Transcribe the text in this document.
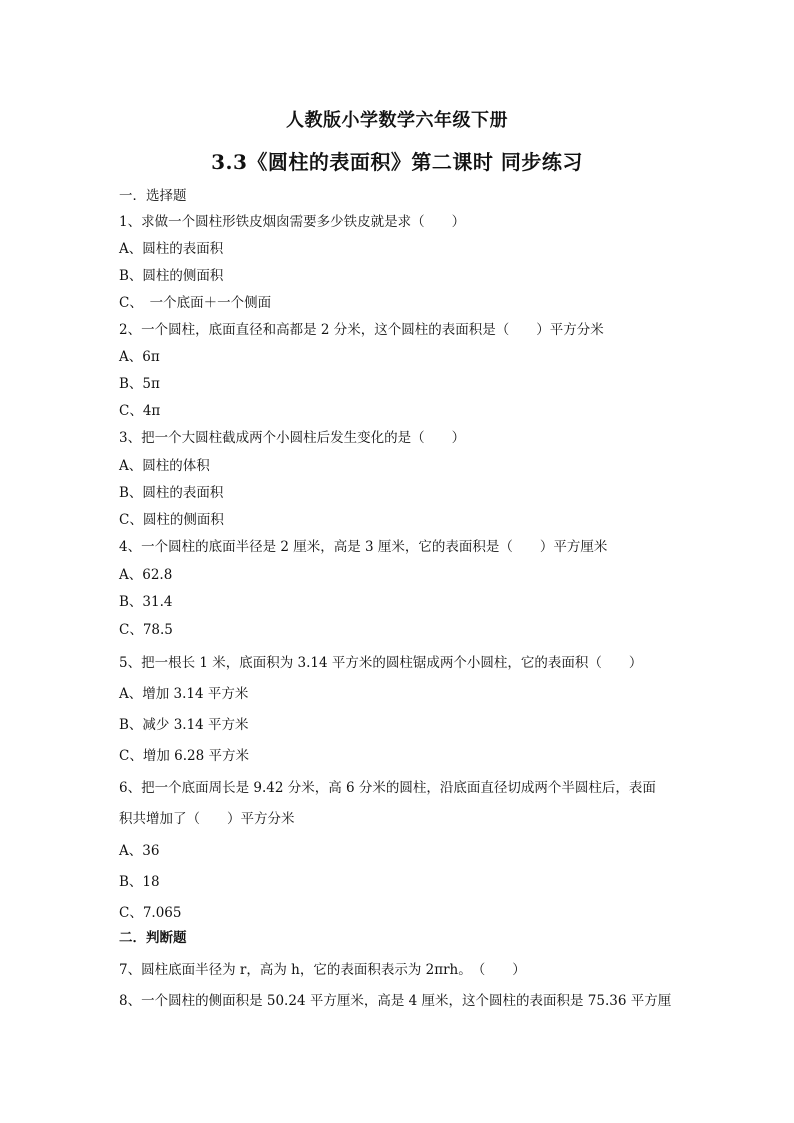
人教版小学数学六年级下册
3.3《圆柱的表面积》第二课时 同步练习
一．选择题
1、求做一个圆柱形铁皮烟囱需要多少铁皮就是求（　　）
A、圆柱的表面积
B、圆柱的侧面积
C、　一个底面＋一个侧面
2、一个圆柱，底面直径和高都是 2 分米，这个圆柱的表面积是（　　）平方分米
A、6π
B、5π
C、4π
3、把一个大圆柱截成两个小圆柱后发生变化的是（　　）
A、圆柱的体积
B、圆柱的表面积
C、圆柱的侧面积
4、一个圆柱的底面半径是 2 厘米，高是 3 厘米，它的表面积是（　　）平方厘米
A、62.8
B、31.4
C、78.5
5、把一根长 1 米，底面积为 3.14 平方米的圆柱锯成两个小圆柱，它的表面积（　　）
A、增加 3.14 平方米
B、减少 3.14 平方米
C、增加 6.28 平方米
6、把一个底面周长是 9.42 分米，高 6 分米的圆柱，沿底面直径切成两个半圆柱后，表面
积共增加了（　　）平方分米
A、36
B、18
C、7.065
二．判断题
7、圆柱底面半径为 r，高为 h，它的表面积表示为 2πrh。　（　　）
8、一个圆柱的侧面积是 50.24 平方厘米，高是 4 厘米，这个圆柱的表面积是 75.36 平方厘
